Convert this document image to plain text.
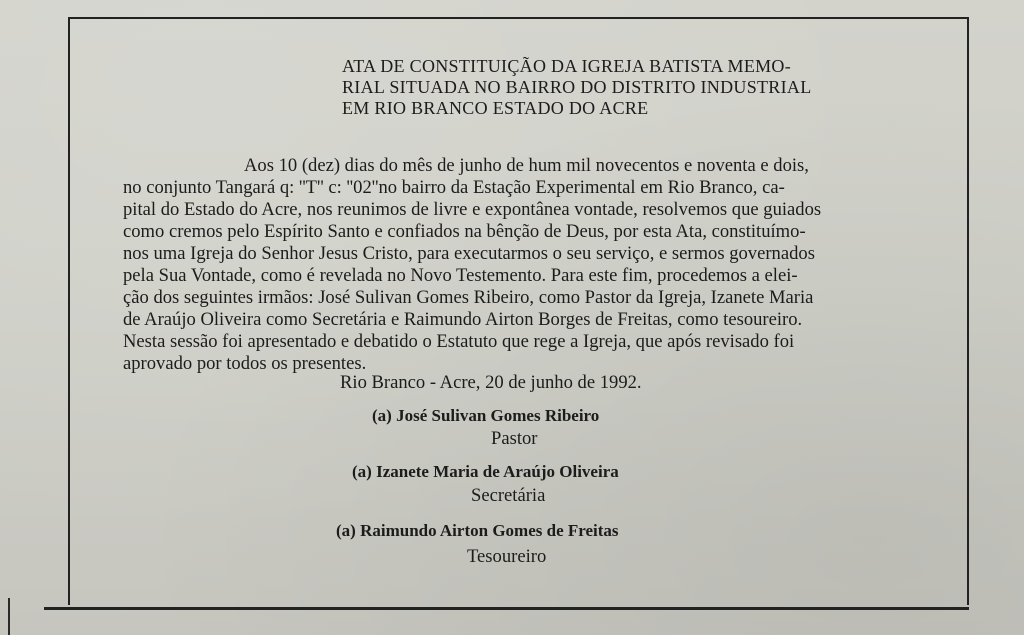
ATA DE CONSTITUIÇÃO DA IGREJA BATISTA MEMO-
RIAL SITUADA NO BAIRRO DO DISTRITO INDUSTRIAL
EM RIO BRANCO ESTADO DO ACRE
Aos 10 (dez) dias do mês de junho de hum mil novecentos e noventa e dois,
no conjunto Tangará q: ''T'' c: ''02''no bairro da Estação Experimental em Rio Branco, ca-
pital do Estado do Acre, nos reunimos de livre e expontânea vontade, resolvemos que guiados
como cremos pelo Espírito Santo e confiados na bênção de Deus, por esta Ata, constituímo-
nos uma Igreja do Senhor Jesus Cristo, para executarmos o seu serviço, e sermos governados
pela Sua Vontade, como é revelada no Novo Testemento. Para este fim, procedemos a elei-
ção dos seguintes irmãos: José Sulivan Gomes Ribeiro, como Pastor da Igreja, Izanete Maria
de Araújo Oliveira como Secretária e Raimundo Airton Borges de Freitas, como tesoureiro.
Nesta sessão foi apresentado e debatido o Estatuto que rege a Igreja, que após revisado foi
aprovado por todos os presentes.
Rio Branco - Acre, 20 de junho de 1992.
(a) José Sulivan Gomes Ribeiro
Pastor
(a) Izanete Maria de Araújo Oliveira
Secretária
(a) Raimundo Airton Gomes de Freitas
Tesoureiro
